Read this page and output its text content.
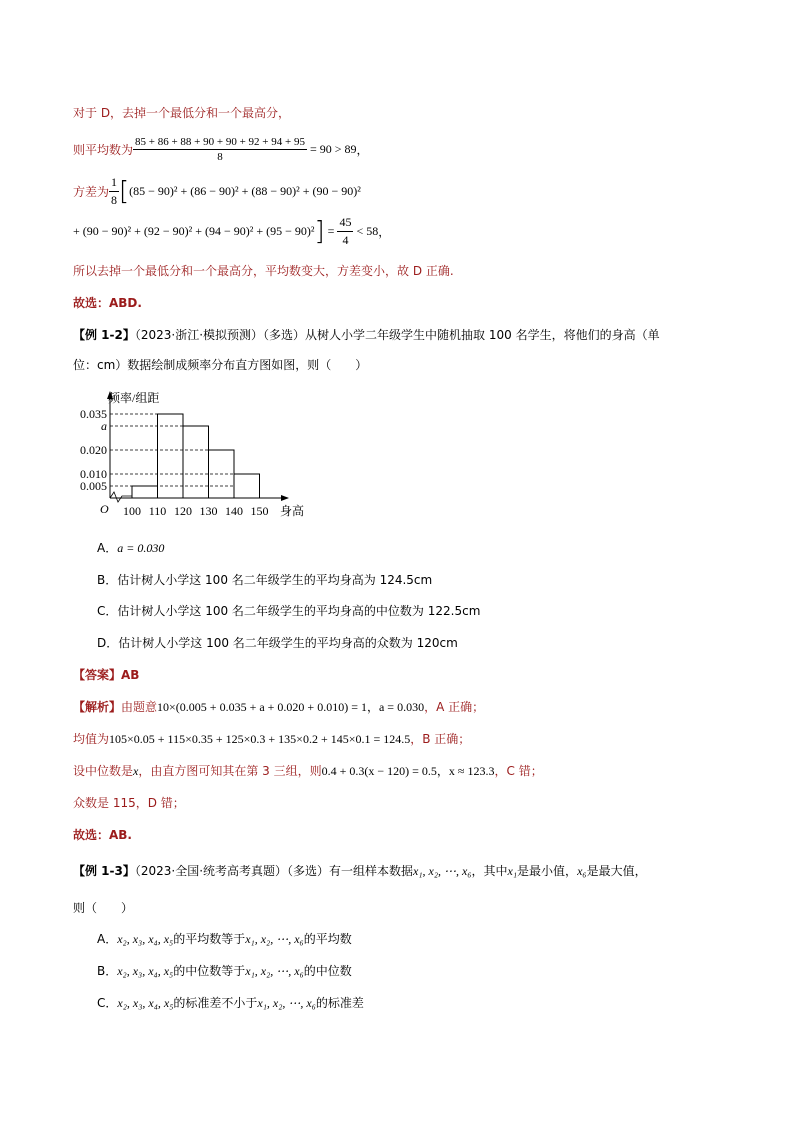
对于 D，去掉一个最低分和一个最高分，
则平均数为 $\frac{85 + 86 + 88 + 90 + 90 + 92 + 94 + 95}{8} = 90 > 89$，
方差为 $\frac{1}{8} [(85 - 90)^2 + (86 - 90)^2 + (88 - 90)^2 + (90 - 90)^2$
+ $(90 - 90)^2 + (92 - 90)^2 + (94 - 90)^2 + (95 - 90)^2] = \frac{45}{4} < 58$，
所以去掉一个最低分和一个最高分，平均数变大，方差变小，故 D 正确.
故选：ABD.
【例 1-2】（2023·浙江·模拟预测）（多选）从树人小学二年级学生中随机抽取 100 名学生，将他们的身高（单
位：cm）数据绘制成频率分布直方图如图，则（　　）
频率/组距
身高
O
0.035
a
0.020
0.010
0.005
100 110 120 130 140 150
A．a = 0.030
B．估计树人小学这 100 名二年级学生的平均身高为 124.5cm
C．估计树人小学这 100 名二年级学生的平均身高的中位数为 122.5cm
D．估计树人小学这 100 名二年级学生的平均身高的众数为 120cm
【答案】AB
【解析】由题意10×(0.005 + 0.035 + a + 0.020 + 0.010) = 1，a = 0.030，A 正确；
均值为105×0.05 + 115×0.35 + 125×0.3 + 135×0.2 + 145×0.1 = 124.5，B 正确；
设中位数是x，由直方图可知其在第 3 三组，则0.4 + 0.3(x − 120) = 0.5，x ≈ 123.3，C 错；
众数是 115，D 错；
故选：AB.
【例 1-3】（2023·全国·统考高考真题）（多选）有一组样本数据x₁, x₂, ⋯, x₆，其中x₁是最小值，x₆是最大值，
则（　　）
A．x₂, x₃, x₄, x₅的平均数等于x₁, x₂, ⋯, x₆的平均数
B．x₂, x₃, x₄, x₅的中位数等于x₁, x₂, ⋯, x₆的中位数
C．x₂, x₃, x₄, x₅的标准差不小于x₁, x₂, ⋯, x₆的标准差
